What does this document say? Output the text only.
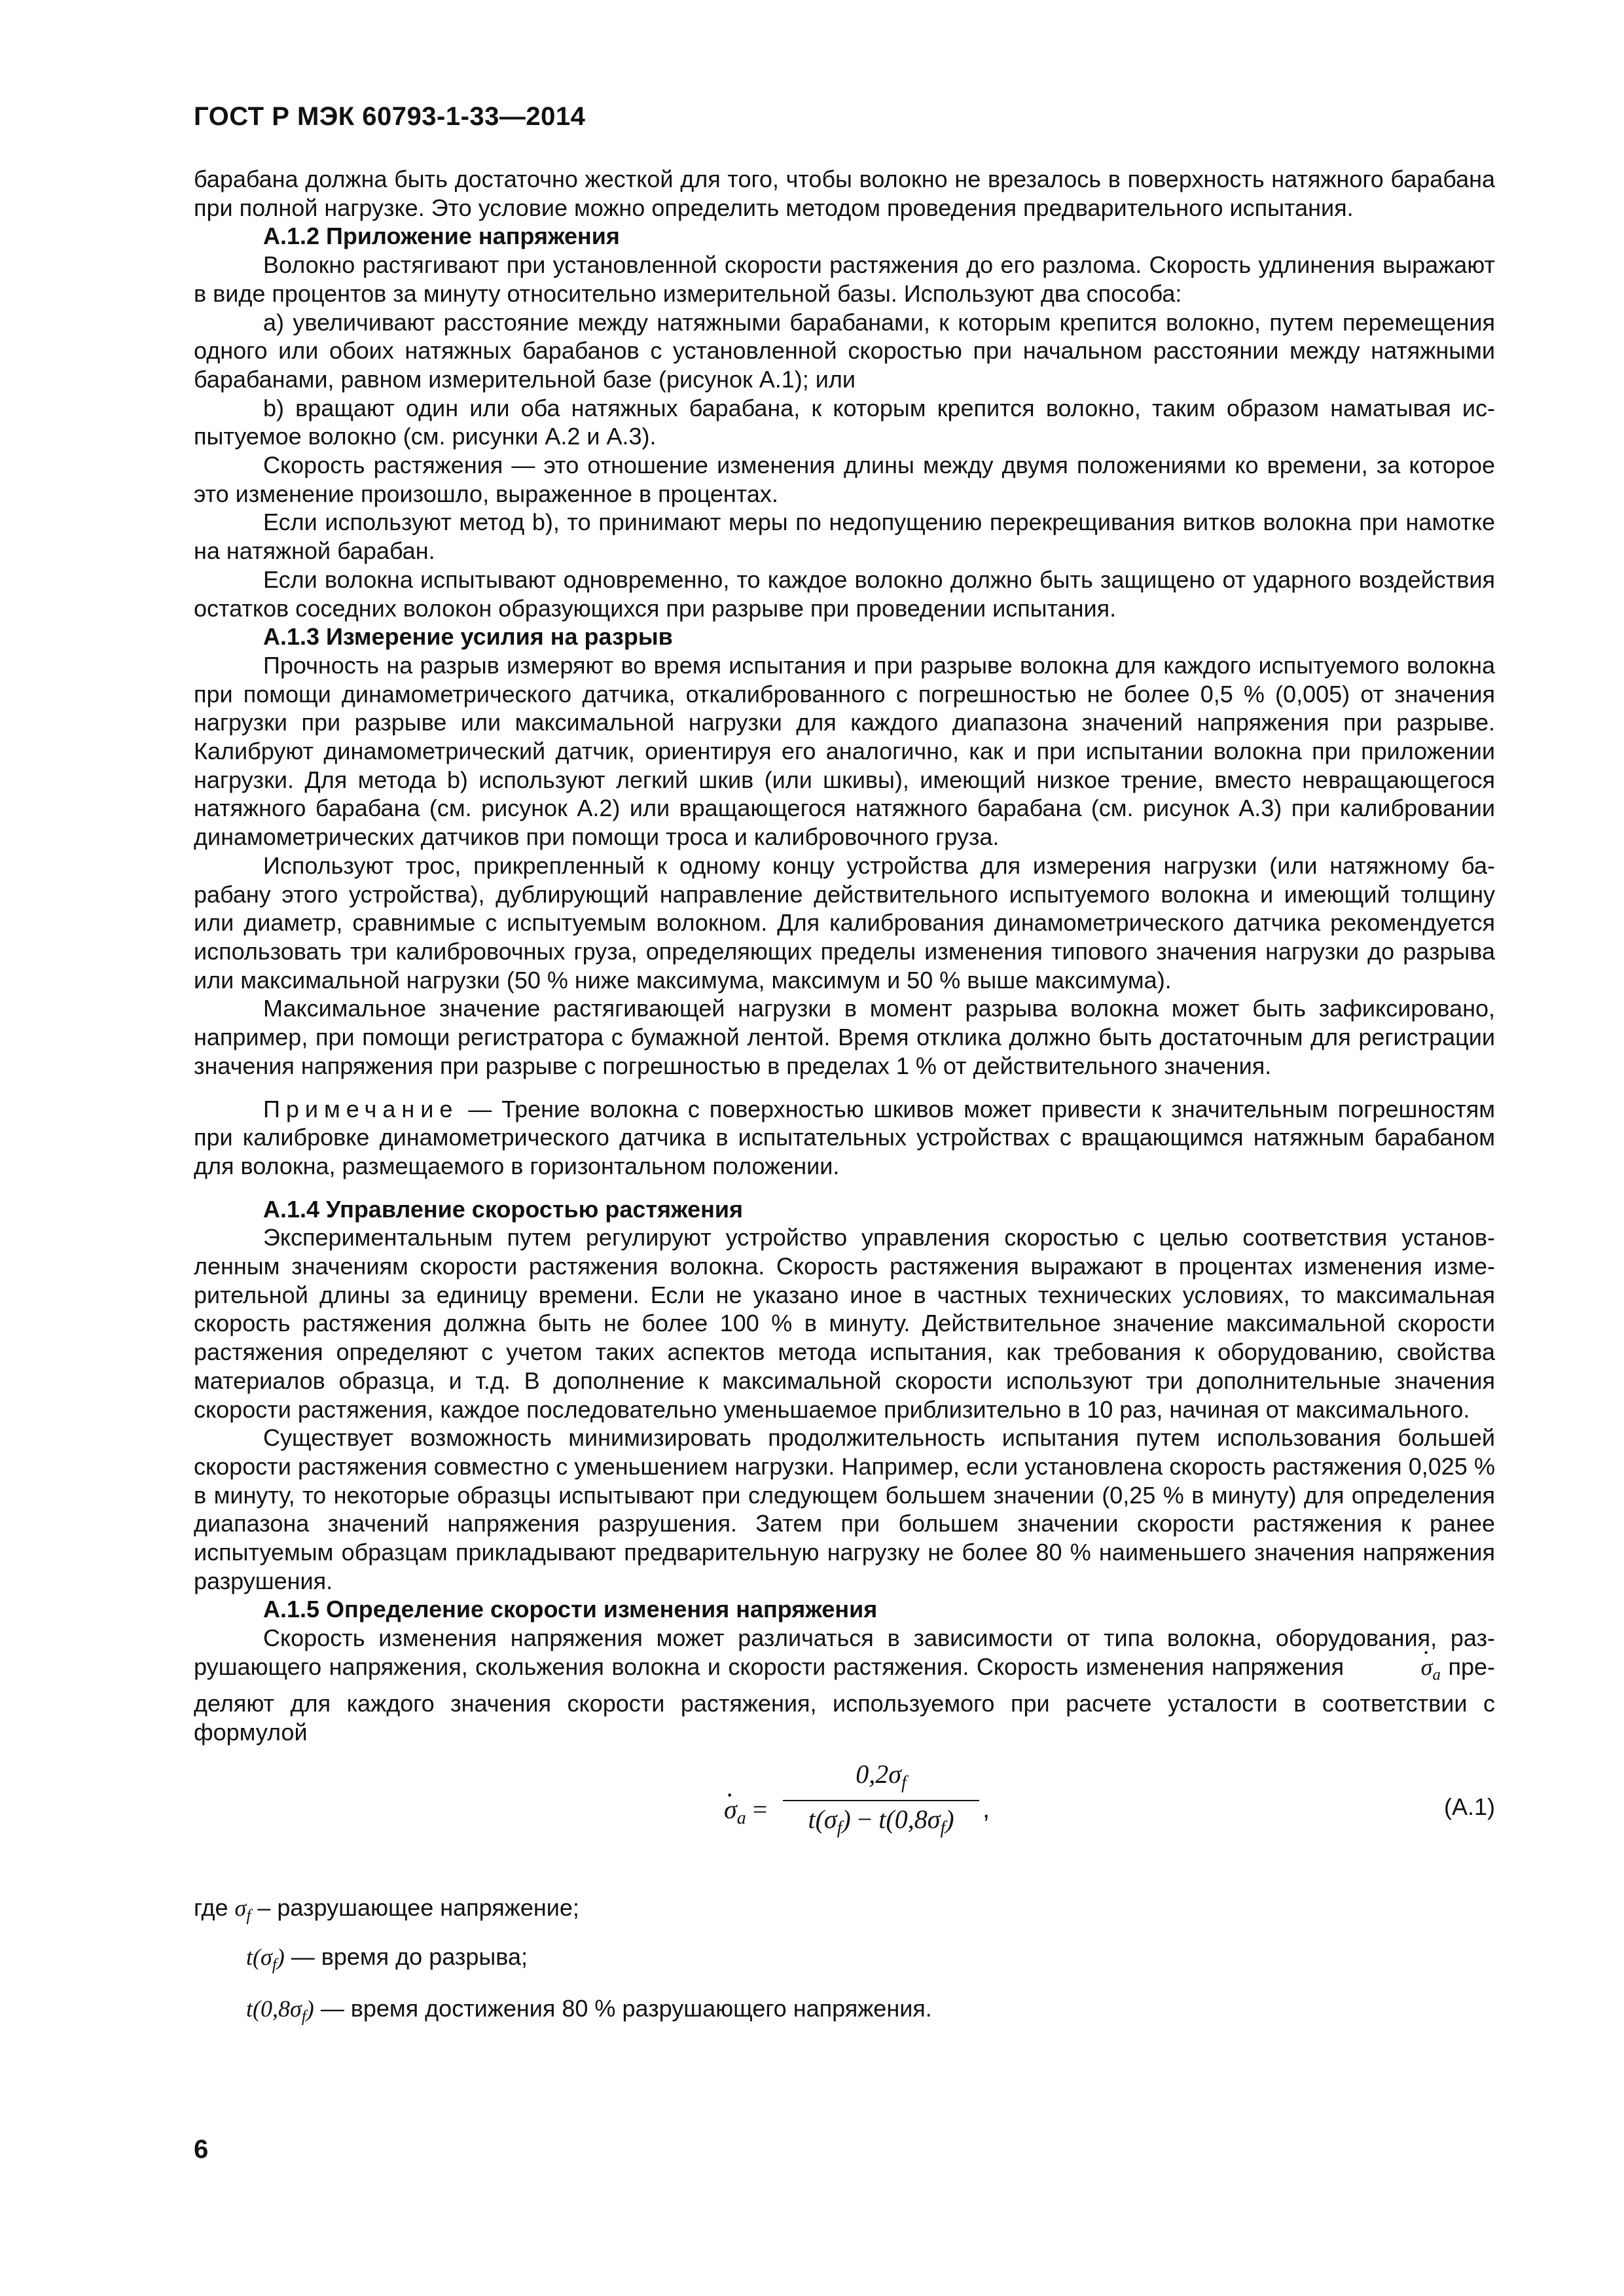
ГОСТ Р МЭК 60793-1-33—2014

барабана должна быть достаточно жесткой для того, чтобы волокно не врезалось в поверхность натяжного барабана при полной нагрузке. Это условие можно определить методом проведения предварительного испытания.

А.1.2 Приложение напряжения

Волокно растягивают при установленной скорости растяжения до его разлома. Скорость удлинения выражают в виде процентов за минуту относительно измерительной базы. Используют два способа:

а) увеличивают расстояние между натяжными барабанами, к которым крепится волокно, путем перемещения одного или обоих натяжных барабанов с установленной скоростью при начальном расстоянии между натяжными барабанами, равном измерительной базе (рисунок А.1); или

b) вращают один или оба натяжных барабана, к которым крепится волокно, таким образом наматывая испытуемое волокно (см. рисунки А.2 и А.3).

Скорость растяжения — это отношение изменения длины между двумя положениями ко времени, за которое это изменение произошло, выраженное в процентах.

Если используют метод b), то принимают меры по недопущению перекрещивания витков волокна при намотке на натяжной барабан.

Если волокна испытывают одновременно, то каждое волокно должно быть защищено от ударного воздействия остатков соседних волокон образующихся при разрыве при проведении испытания.

А.1.3 Измерение усилия на разрыв

Прочность на разрыв измеряют во время испытания и при разрыве волокна для каждого испытуемого волокна при помощи динамометрического датчика, откалиброванного с погрешностью не более 0,5 % (0,005) от значения нагрузки при разрыве или максимальной нагрузки для каждого диапазона значений напряжения при разрыве. Калибруют динамометрический датчик, ориентируя его аналогично, как и при испытании волокна при приложении нагрузки. Для метода b) используют легкий шкив (или шкивы), имеющий низкое трение, вместо невращающегося натяжного барабана (см. рисунок А.2) или вращающегося натяжного барабана (см. рисунок А.3) при калибровании динамометрических датчиков при помощи троса и калибровочного груза.

Используют трос, прикрепленный к одному концу устройства для измерения нагрузки (или натяжному барабану этого устройства), дублирующий направление действительного испытуемого волокна и имеющий толщину или диаметр, сравнимые с испытуемым волокном. Для калибрования динамометрического датчика рекомендуется использовать три калибровочных груза, определяющих пределы изменения типового значения нагрузки до разрыва или максимальной нагрузки (50 % ниже максимума, максимум и 50 % выше максимума).

Максимальное значение растягивающей нагрузки в момент разрыва волокна может быть зафиксировано, например, при помощи регистратора с бумажной лентой. Время отклика должно быть достаточным для регистрации значения напряжения при разрыве с погрешностью в пределах 1 % от действительного значения.

Примечание — Трение волокна с поверхностью шкивов может привести к значительным погрешностям при калибровке динамометрического датчика в испытательных устройствах с вращающимся натяжным барабаном для волокна, размещаемого в горизонтальном положении.

А.1.4 Управление скоростью растяжения

Экспериментальным путем регулируют устройство управления скоростью с целью соответствия установленным значениям скорости растяжения волокна. Скорость растяжения выражают в процентах изменения измерительной длины за единицу времени. Если не указано иное в частных технических условиях, то максимальная скорость растяжения должна быть не более 100 % в минуту. Действительное значение максимальной скорости растяжения определяют с учетом таких аспектов метода испытания, как требования к оборудованию, свойства материалов образца, и т.д. В дополнение к максимальной скорости используют три дополнительные значения скорости растяжения, каждое последовательно уменьшаемое приблизительно в 10 раз, начиная от максимального.

Существует возможность минимизировать продолжительность испытания путем использования большей скорости растяжения совместно с уменьшением нагрузки. Например, если установлена скорость растяжения 0,025 % в минуту, то некоторые образцы испытывают при следующем большем значении (0,25 % в минуту) для определения диапазона значений напряжения разрушения. Затем при большем значении скорости растяжения к ранее испытуемым образцам прикладывают предварительную нагрузку не более 80 % наименьшего значения напряжения разрушения.

А.1.5 Определение скорости изменения напряжения

Скорость изменения напряжения может различаться в зависимости от типа волокна, оборудования, разрушающего напряжения, скольжения волокна и скорости растяжения. Скорость изменения напряжения ·	$\sigma_a$ пределяют для каждого значения скорости растяжения, используемого при расчете усталости в соответствии с формулой

· $\sigma_a = \frac{0,2\sigma_f}{t(\sigma_f) - t(0,8\sigma_f)}$ ,	(А.1)

где $\sigma_f$ – разрушающее напряжение;

$t(\sigma_f)$ — время до разрыва;

$t(0,8\sigma_f)$ — время достижения 80 % разрушающего напряжения.

6
